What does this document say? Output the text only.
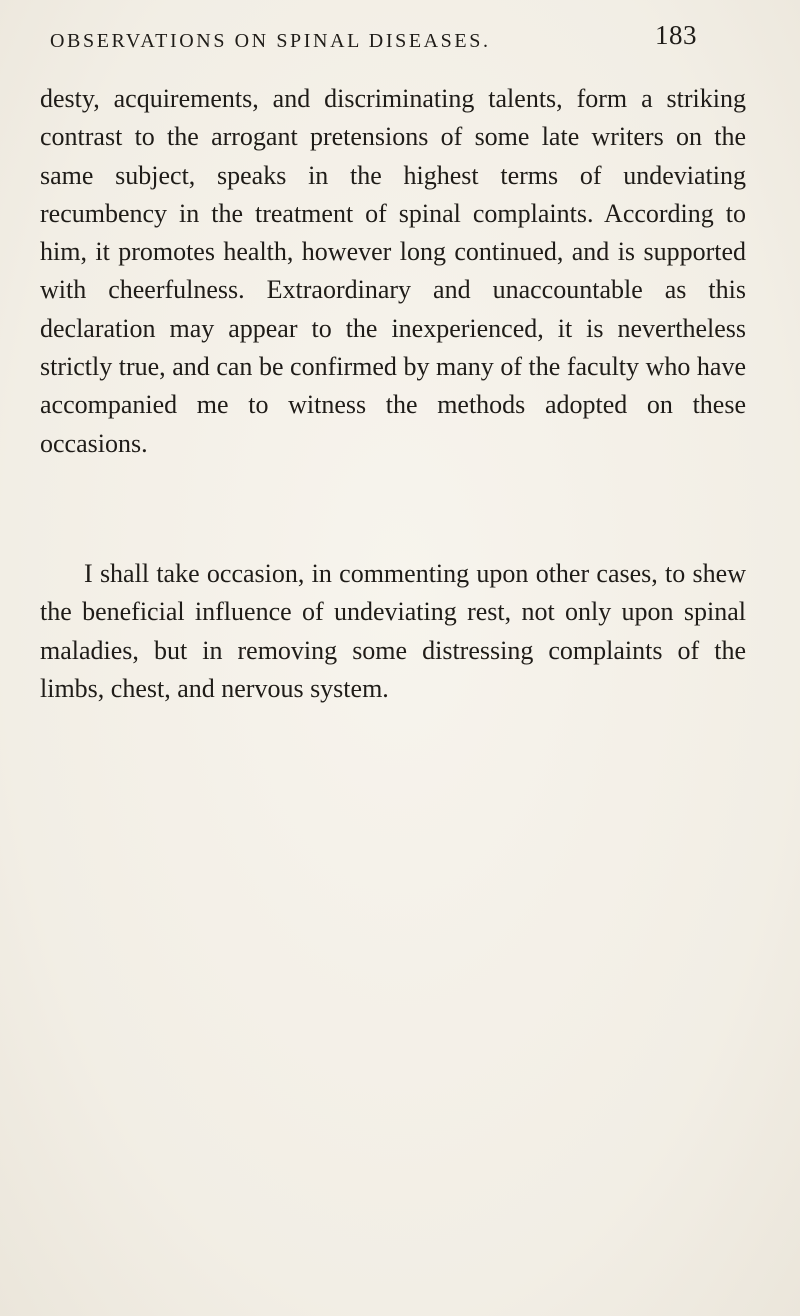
OBSERVATIONS ON SPINAL DISEASES.	183

desty, acquirements, and discriminating talents, form a striking contrast to the arrogant pretensions of some late writers on the same subject, speaks in the highest terms of undeviating recumbency in the treatment of spinal complaints. According to him, it promotes health, however long continued, and is supported with cheerfulness. Extraordinary and unaccountable as this declaration may appear to the inexperienced, it is nevertheless strictly true, and can be confirmed by many of the faculty who have accompanied me to witness the methods adopted on these occasions.

I shall take occasion, in commenting upon other cases, to shew the beneficial influence of undeviating rest, not only upon spinal maladies, but in removing some distressing complaints of the limbs, chest, and nervous system.
